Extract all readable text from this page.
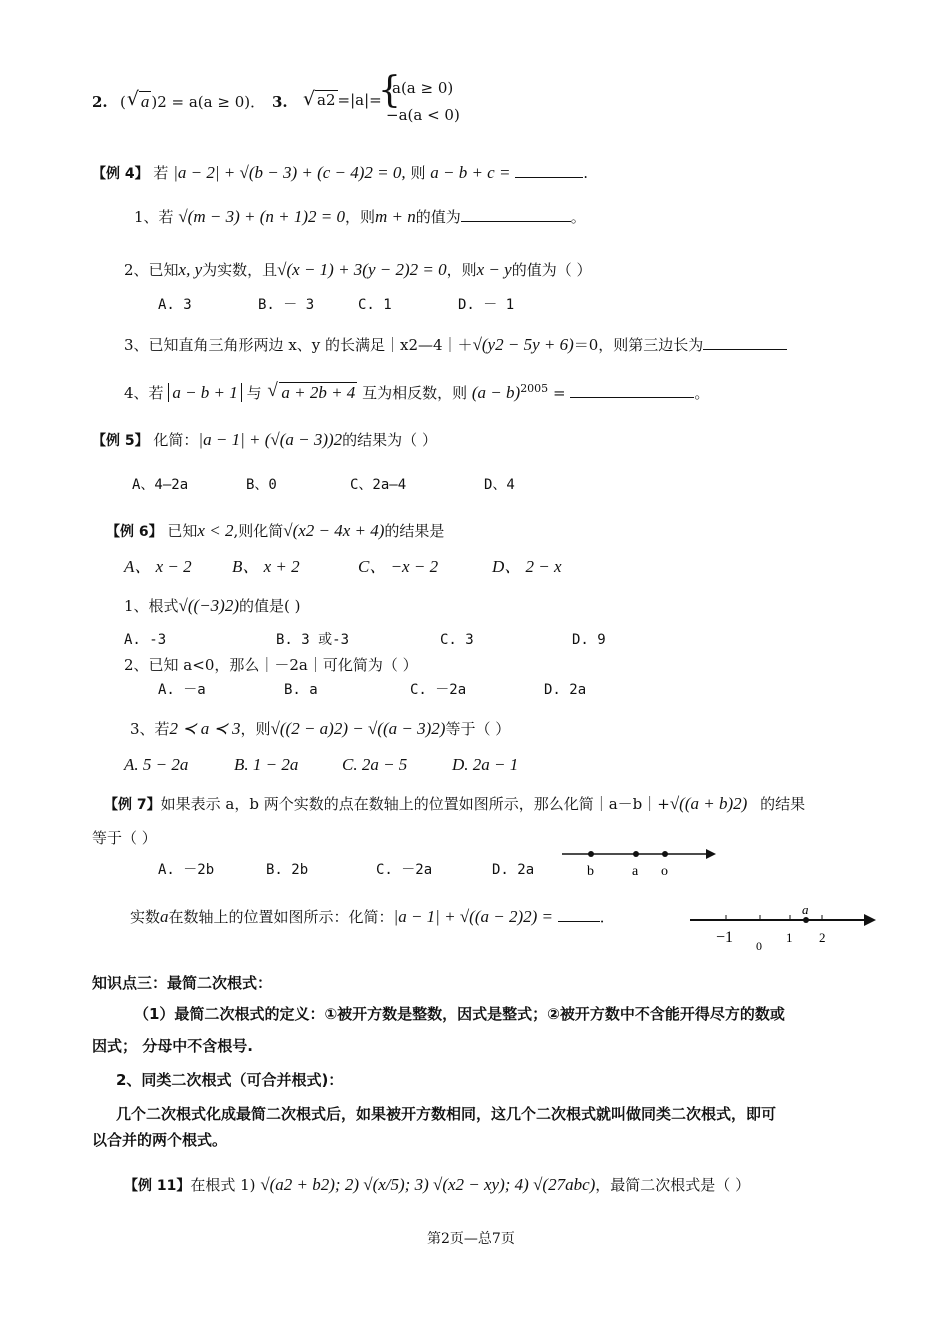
2. ( √ a )2 = a(a ≥ 0)． 3.	√ a2 =|a|=
{
a(a ≥ 0)
−a(a < 0)
【例 4】 若 |a − 2| + √(b − 3) + (c − 4)2 = 0, 则 a − b + c =	.
1、若 √(m − 3) + (n + 1)2 = 0，则m + n的值为	。
2、已知x, y为实数，且√(x − 1) + 3(y − 2)2 = 0，则x − y的值为（ ）
A. 3	B. － 3	C. 1	D. － 1
3、已知直角三角形两边 x、y 的长满足｜x2—4｜＋√(y2 − 5y + 6)＝0，则第三边长为
4、若 a − b + 1 与 √ a + 2b + 4 互为相反数，则 $(a - b)^{2005}$ =	。
【例 5】 化简：|a − 1| + (√(a − 3))2的结果为（ ）
A、4—2a	B、0	C、2a—4	D、4
【例 6】 已知x < 2,则化简√(x2 − 4x + 4)的结果是
A、 x − 2 B、 x + 2	C、 −x − 2	D、 2 − x
1、根式√((−3)2)的值是( )
A. -3	B. 3 或-3	C. 3	D. 9
2、已知 a<0，那么｜－2a｜可化简为（ ）
A. －a	B. a	C. －2a	D. 2a
3、若2 ≺ a ≺ 3，则√((2 − a)2) − √((a − 3)2)等于（ ）
A. 5 − 2a	B. 1 − 2a	C. 2a − 5	D. 2a − 1
【例 7】如果表示 a，b 两个实数的点在数轴上的位置如图所示，那么化简｜a－b｜+√((a + b)2) 的结果
等于（ ）
A. －2b	B. 2b	C. －2a	D. 2a	b	a o
实数a在数轴上的位置如图所示：化简：|a − 1| + √((a − 2)2) =	．	a
−1 0
1 2
知识点三：最简二次根式：
（1）最简二次根式的定义：①被开方数是整数，因式是整式；②被开方数中不含能开得尽方的数或
因式； 分母中不含根号.
2、同类二次根式（可合并根式)：
几个二次根式化成最简二次根式后，如果被开方数相同，这几个二次根式就叫做同类二次根式，即可
以合并的两个根式。
【例 11】在根式 1) √(a2 + b2); 2) √(x/5); 3) √(x2 − xy); 4) √(27abc)，最简二次根式是（ ）
第2页—总7页
